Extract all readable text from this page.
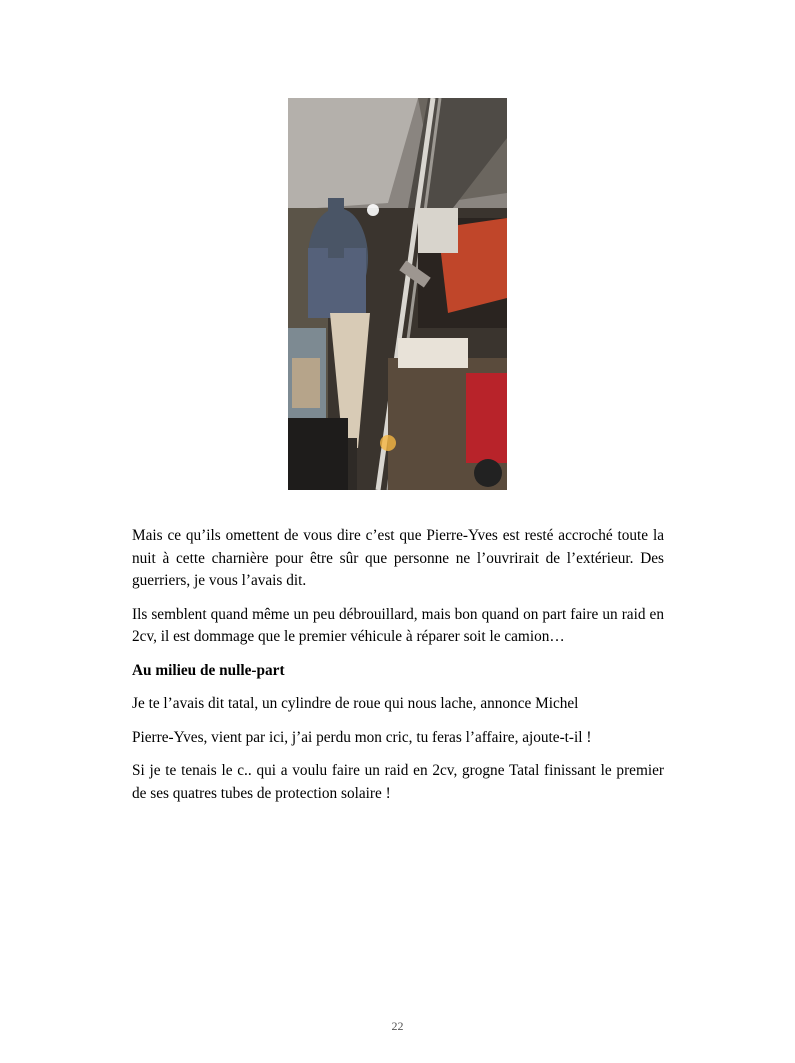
Mais ce qu’ils omettent de vous dire c’est que Pierre-Yves est resté accroché toute la nuit à cette charnière pour être sûr que personne ne l’ouvrirait de l’extérieur. Des guerriers, je vous l’avais dit.

Ils semblent quand même un peu débrouillard, mais bon quand on part faire un raid en 2cv, il est dommage que le premier véhicule à réparer soit le camion…

Au milieu de nulle-part

Je te l’avais dit tatal, un cylindre de roue qui nous lache, annonce Michel

Pierre-Yves, vient par ici, j’ai perdu mon cric, tu feras l’affaire, ajoute-t-il !

Si je te tenais le c.. qui a voulu faire un raid en 2cv, grogne Tatal finissant le premier de ses quatres tubes de protection solaire !

22
